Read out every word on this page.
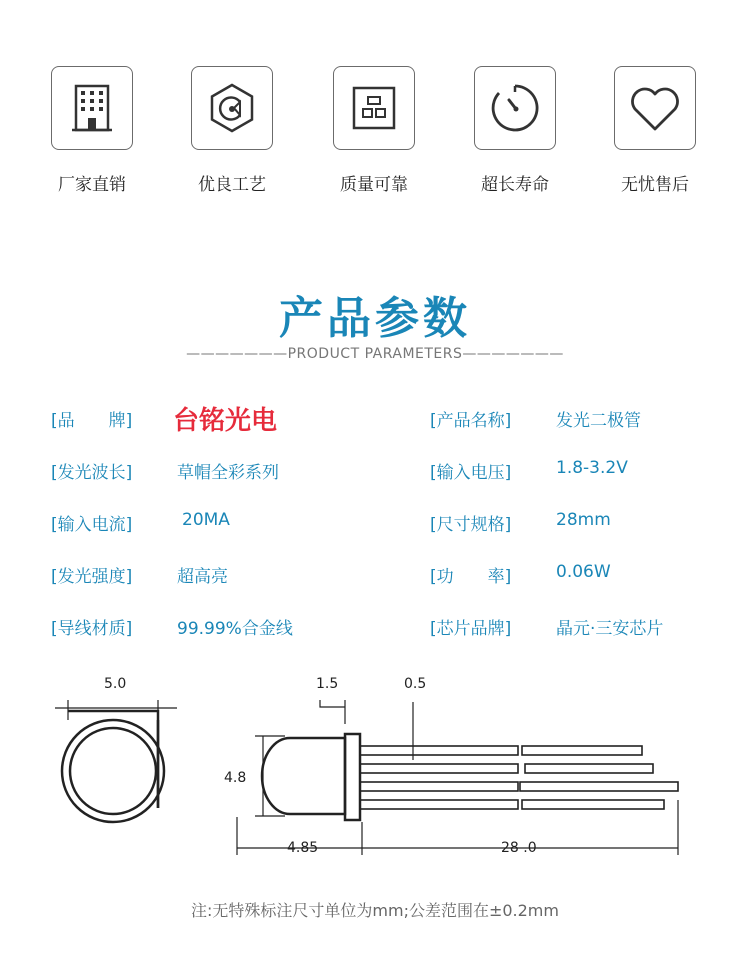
厂家直销	优良工艺	质量可靠	超长寿命	无忧售后
产品参数
———————PRODUCT PARAMETERS———————
[品　　牌] 台铭光电	[产品名称]	发光二极管
[发光波长]	草帽全彩系列	[输入电压]	1.8-3.2V
[输入电流]	20MA	[尺寸规格]	28mm
[发光强度]	超高亮	[功　　率]	0.06W
[导线材质]	99.99%合金线	[芯片品牌]	晶元·三安芯片
5.0	1.5	0.5
4.8
4.85	28 .0
注:无特殊标注尺寸单位为mm;公差范围在±0.2mm
